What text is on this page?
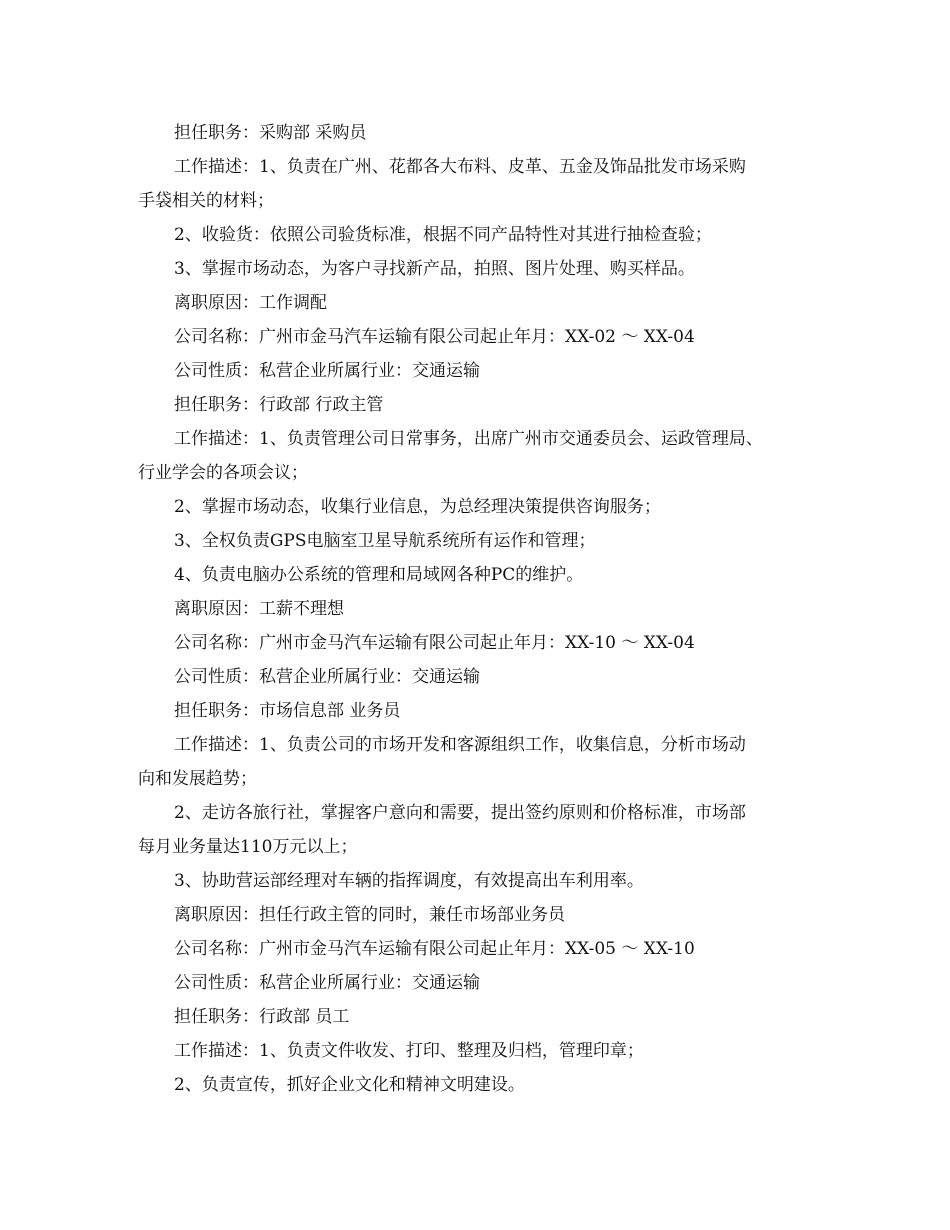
担任职务：采购部 采购员
工作描述：1、负责在广州、花都各大布料、皮革、五金及饰品批发市场采购
手袋相关的材料；
2、收验货：依照公司验货标准，根据不同产品特性对其进行抽检查验；
3、掌握市场动态，为客户寻找新产品，拍照、图片处理、购买样品。
离职原因：工作调配
公司名称：广州市金马汽车运输有限公司起止年月：XX-02 ～ XX-04
公司性质：私营企业所属行业：交通运输
担任职务：行政部 行政主管
工作描述：1、负责管理公司日常事务，出席广州市交通委员会、运政管理局、
行业学会的各项会议；
2、掌握市场动态，收集行业信息，为总经理决策提供咨询服务；
3、全权负责GPS电脑室卫星导航系统所有运作和管理；
4、负责电脑办公系统的管理和局域网各种PC的维护。
离职原因：工薪不理想
公司名称：广州市金马汽车运输有限公司起止年月：XX-10 ～ XX-04
公司性质：私营企业所属行业：交通运输
担任职务：市场信息部 业务员
工作描述：1、负责公司的市场开发和客源组织工作，收集信息，分析市场动
向和发展趋势；
2、走访各旅行社，掌握客户意向和需要，提出签约原则和价格标准，市场部
每月业务量达110万元以上；
3、协助营运部经理对车辆的指挥调度，有效提高出车利用率。
离职原因：担任行政主管的同时，兼任市场部业务员
公司名称：广州市金马汽车运输有限公司起止年月：XX-05 ～ XX-10
公司性质：私营企业所属行业：交通运输
担任职务：行政部 员工
工作描述：1、负责文件收发、打印、整理及归档，管理印章；
2、负责宣传，抓好企业文化和精神文明建设。
